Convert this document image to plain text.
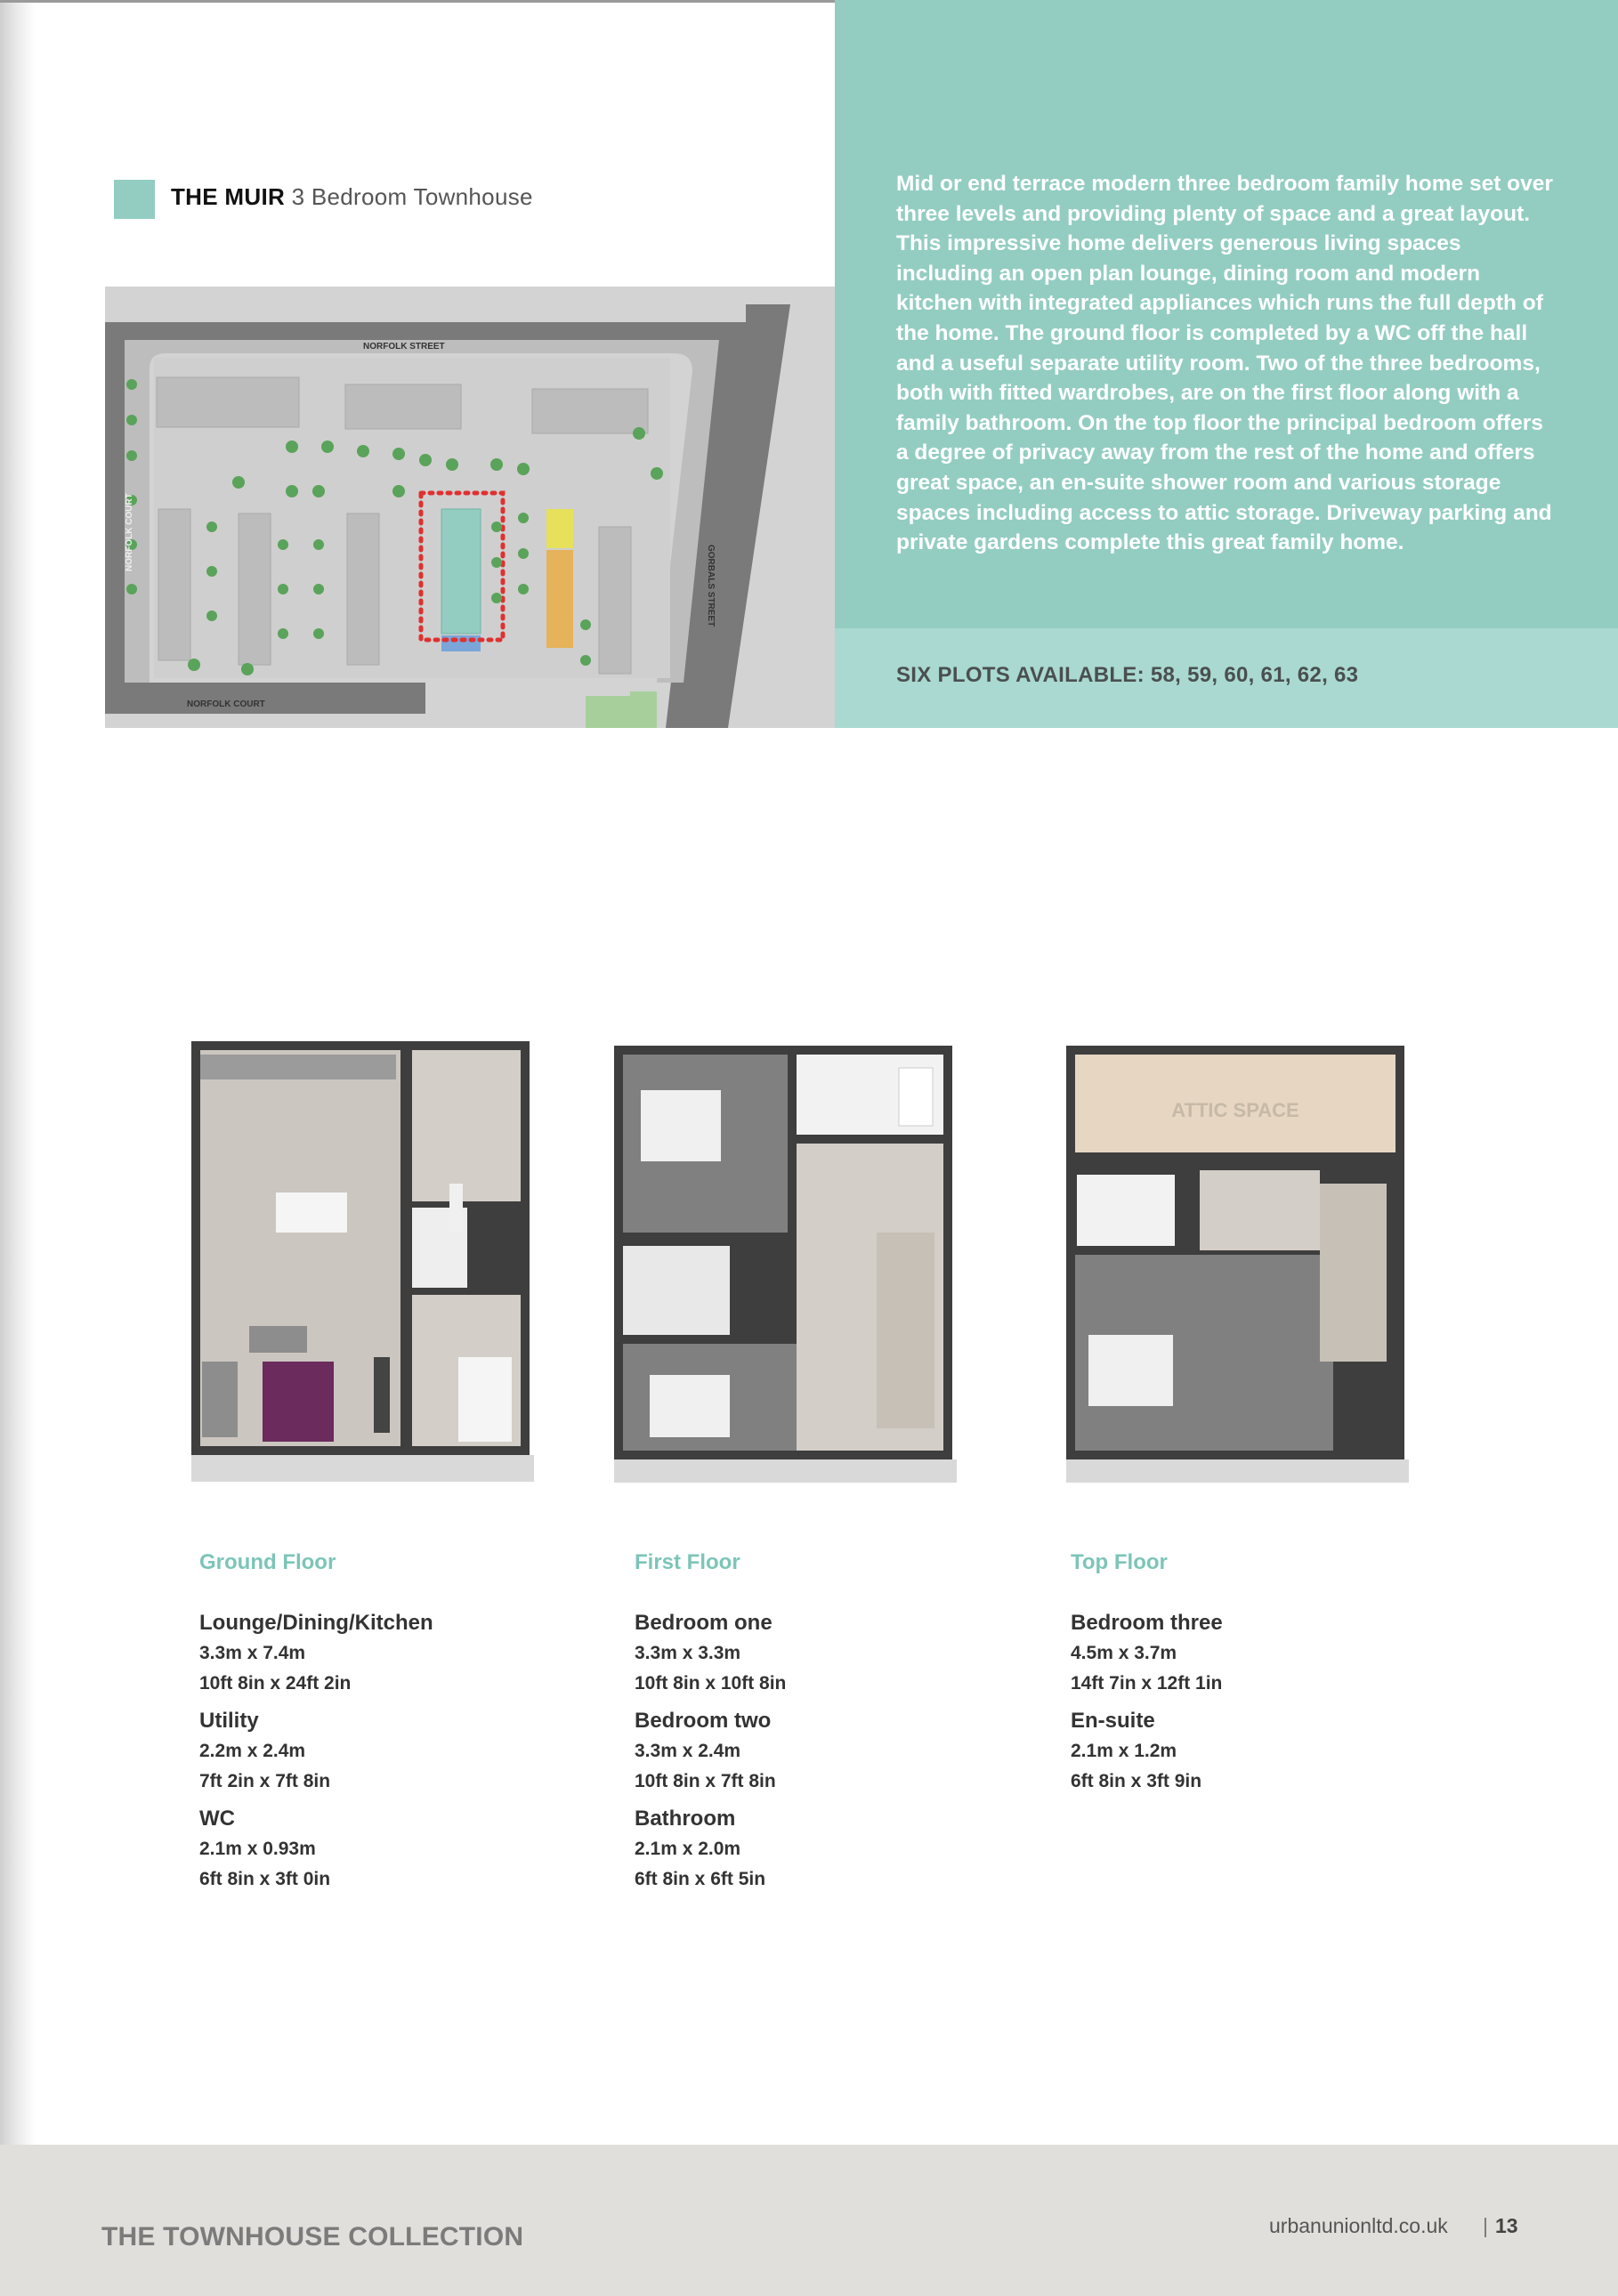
THE MUIR 3 Bedroom Townhouse	Mid or end terrace modern three bedroom family home set over three levels and providing plenty of space and a great layout. This impressive home delivers generous living spaces including an open plan lounge, dining room and modern kitchen with integrated appliances which runs the full depth of the home. The ground floor is completed by a WC off the hall and a useful separate utility room. Two of the three bedrooms, both with fitted wardrobes, are on the first floor along with a family bathroom. On the top floor the principal bedroom offers a degree of privacy away from the rest of the home and offers great space, an en-suite shower room and various storage spaces including access to attic storage. Driveway parking and private gardens complete this great family home.
SIX PLOTS AVAILABLE: 58, 59, 60, 61, 62, 63
NORFOLK STREET
NORFOLK COURT
GORBALS STREET
NORFOLK COURT
ATTIC SPACE
Ground Floor
Lounge/Dining/Kitchen
3.3m x 7.4m
10ft 8in x 24ft 2in
Utility
2.2m x 2.4m
7ft 2in x 7ft 8in
WC
2.1m x 0.93m
6ft 8in x 3ft 0in
First Floor
Bedroom one
3.3m x 3.3m
10ft 8in x 10ft 8in
Bedroom two
3.3m x 2.4m
10ft 8in x 7ft 8in
Bathroom
2.1m x 2.0m
6ft 8in x 6ft 5in
Top Floor
Bedroom three
4.5m x 3.7m
14ft 7in x 12ft 1in
En-suite
2.1m x 1.2m
6ft 8in x 3ft 9in
THE TOWNHOUSE COLLECTION	urbanunionltd.co.uk | 13
